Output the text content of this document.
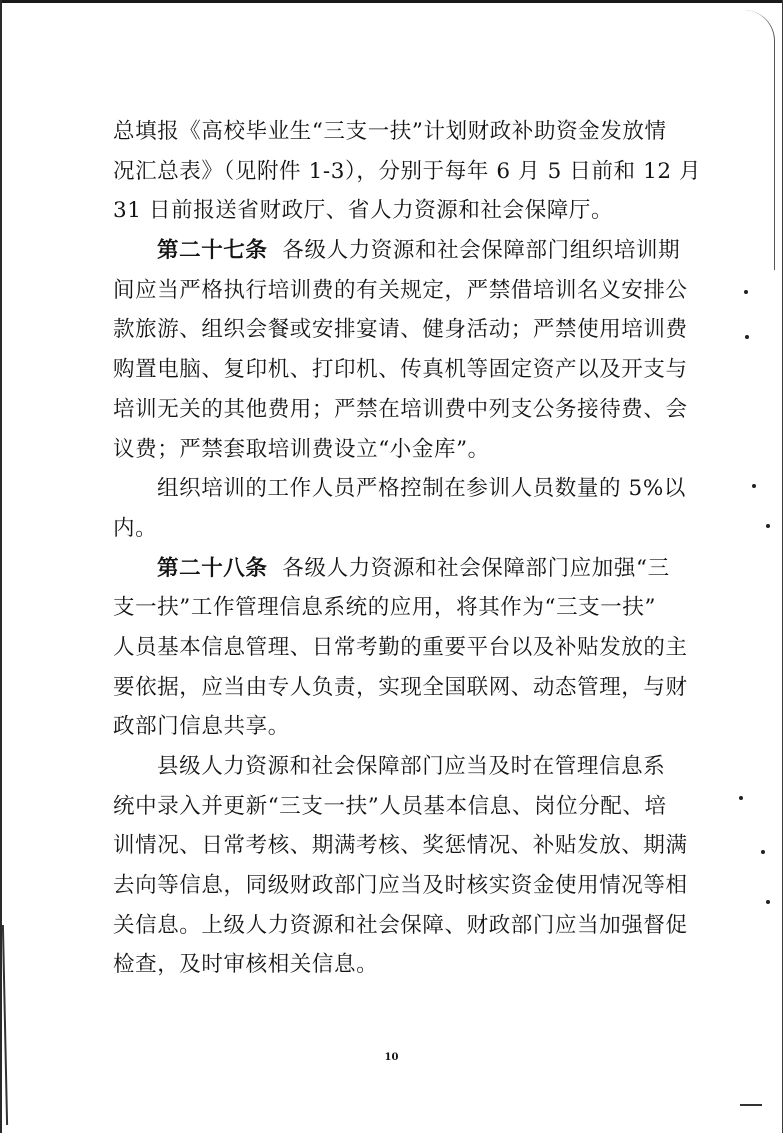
总填报《高校毕业生“三支一扶”计划财政补助资金发放情
况汇总表》（见附件 1-3），分别于每年 6 月 5 日前和 12 月
31 日前报送省财政厅、省人力资源和社会保障厅。
第二十七条 各级人力资源和社会保障部门组织培训期
间应当严格执行培训费的有关规定，严禁借培训名义安排公
款旅游、组织会餐或安排宴请、健身活动；严禁使用培训费
购置电脑、复印机、打印机、传真机等固定资产以及开支与
培训无关的其他费用；严禁在培训费中列支公务接待费、会
议费；严禁套取培训费设立“小金库”。
组织培训的工作人员严格控制在参训人员数量的 5%以
内。
第二十八条 各级人力资源和社会保障部门应加强“三
支一扶”工作管理信息系统的应用，将其作为“三支一扶”
人员基本信息管理、日常考勤的重要平台以及补贴发放的主
要依据，应当由专人负责，实现全国联网、动态管理，与财
政部门信息共享。
县级人力资源和社会保障部门应当及时在管理信息系
统中录入并更新“三支一扶”人员基本信息、岗位分配、培
训情况、日常考核、期满考核、奖惩情况、补贴发放、期满
去向等信息，同级财政部门应当及时核实资金使用情况等相
关信息。上级人力资源和社会保障、财政部门应当加强督促
检查，及时审核相关信息。
10
